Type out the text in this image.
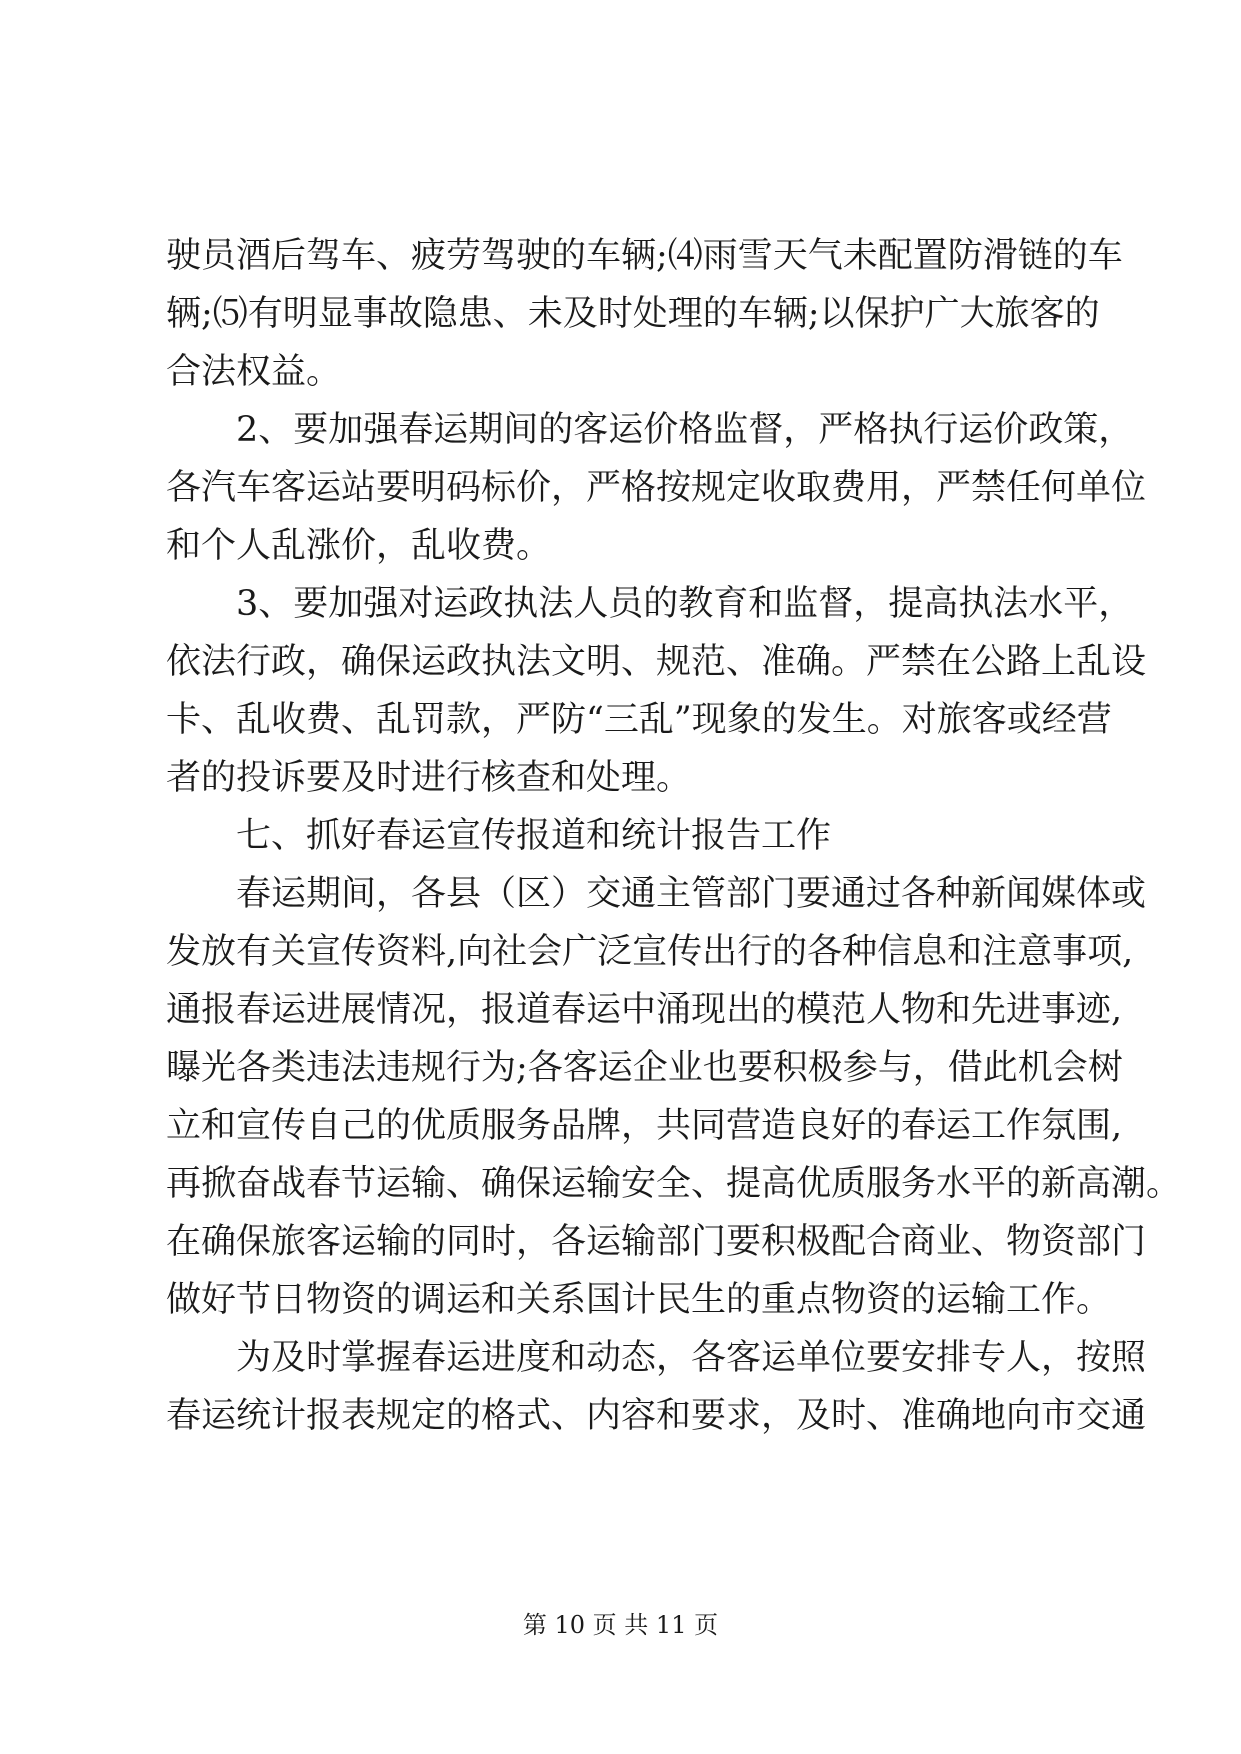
驶员酒后驾车、疲劳驾驶的车辆;⑷雨雪天气未配置防滑链的车
辆;⑸有明显事故隐患、未及时处理的车辆;以保护广大旅客的
合法权益。
2、要加强春运期间的客运价格监督，严格执行运价政策，
各汽车客运站要明码标价，严格按规定收取费用，严禁任何单位
和个人乱涨价，乱收费。
3、要加强对运政执法人员的教育和监督，提高执法水平，
依法行政，确保运政执法文明、规范、准确。严禁在公路上乱设
卡、乱收费、乱罚款，严防“三乱”现象的发生。对旅客或经营
者的投诉要及时进行核查和处理。
七、抓好春运宣传报道和统计报告工作
春运期间，各县（区）交通主管部门要通过各种新闻媒体或
发放有关宣传资料,向社会广泛宣传出行的各种信息和注意事项,
通报春运进展情况，报道春运中涌现出的模范人物和先进事迹,
曝光各类违法违规行为;各客运企业也要积极参与，借此机会树
立和宣传自己的优质服务品牌，共同营造良好的春运工作氛围,
再掀奋战春节运输、确保运输安全、提高优质服务水平的新高潮。
在确保旅客运输的同时，各运输部门要积极配合商业、物资部门
做好节日物资的调运和关系国计民生的重点物资的运输工作。
为及时掌握春运进度和动态，各客运单位要安排专人，按照
春运统计报表规定的格式、内容和要求，及时、准确地向市交通
第 10 页 共 11 页
